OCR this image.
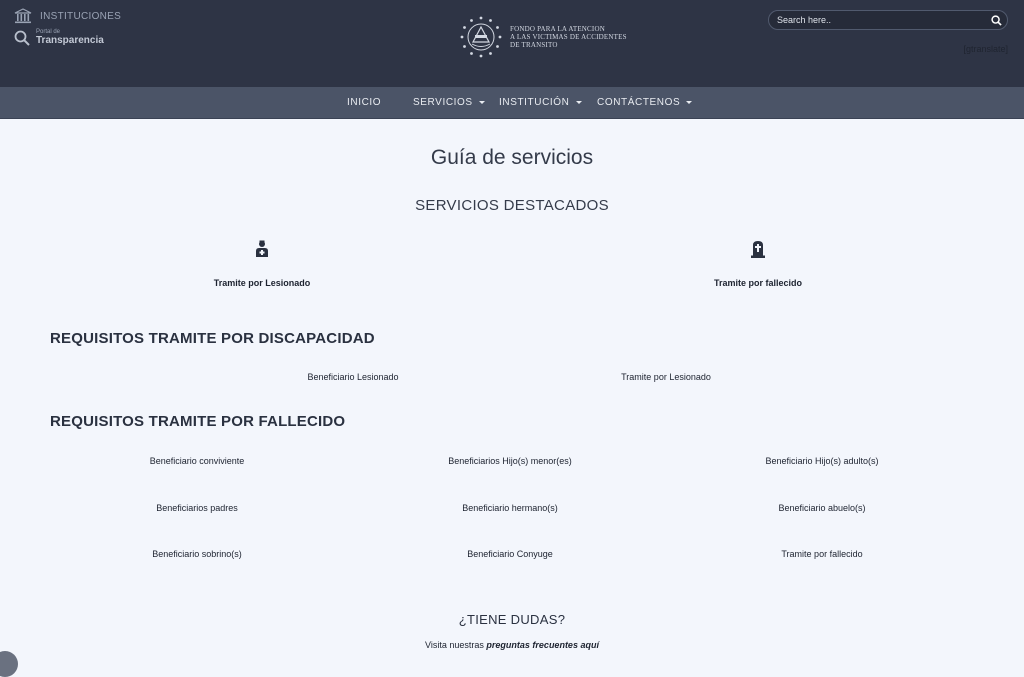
INSTITUCIONES
Portal de
Transparencia
FONDO PARA LA ATENCION
A LAS VICTIMAS DE ACCIDENTES
DE TRANSITO
Search here..	[gtranslate]
INICIO	SERVICIOS	INSTITUCIÓN	CONTÁCTENOS
Guía de servicios
SERVICIOS DESTACADOS
Tramite por Lesionado	Tramite por fallecido
REQUISITOS TRAMITE POR DISCAPACIDAD
Beneficiario Lesionado	Tramite por Lesionado
REQUISITOS TRAMITE POR FALLECIDO
Beneficiario conviviente	Beneficiarios Hijo(s) menor(es)	Beneficiario Hijo(s) adulto(s)
Beneficiarios padres	Beneficiario hermano(s)	Beneficiario abuelo(s)
Beneficiario sobrino(s)	Beneficiario Conyuge	Tramite por fallecido
¿TIENE DUDAS?
Visita nuestras preguntas frecuentes aquí
